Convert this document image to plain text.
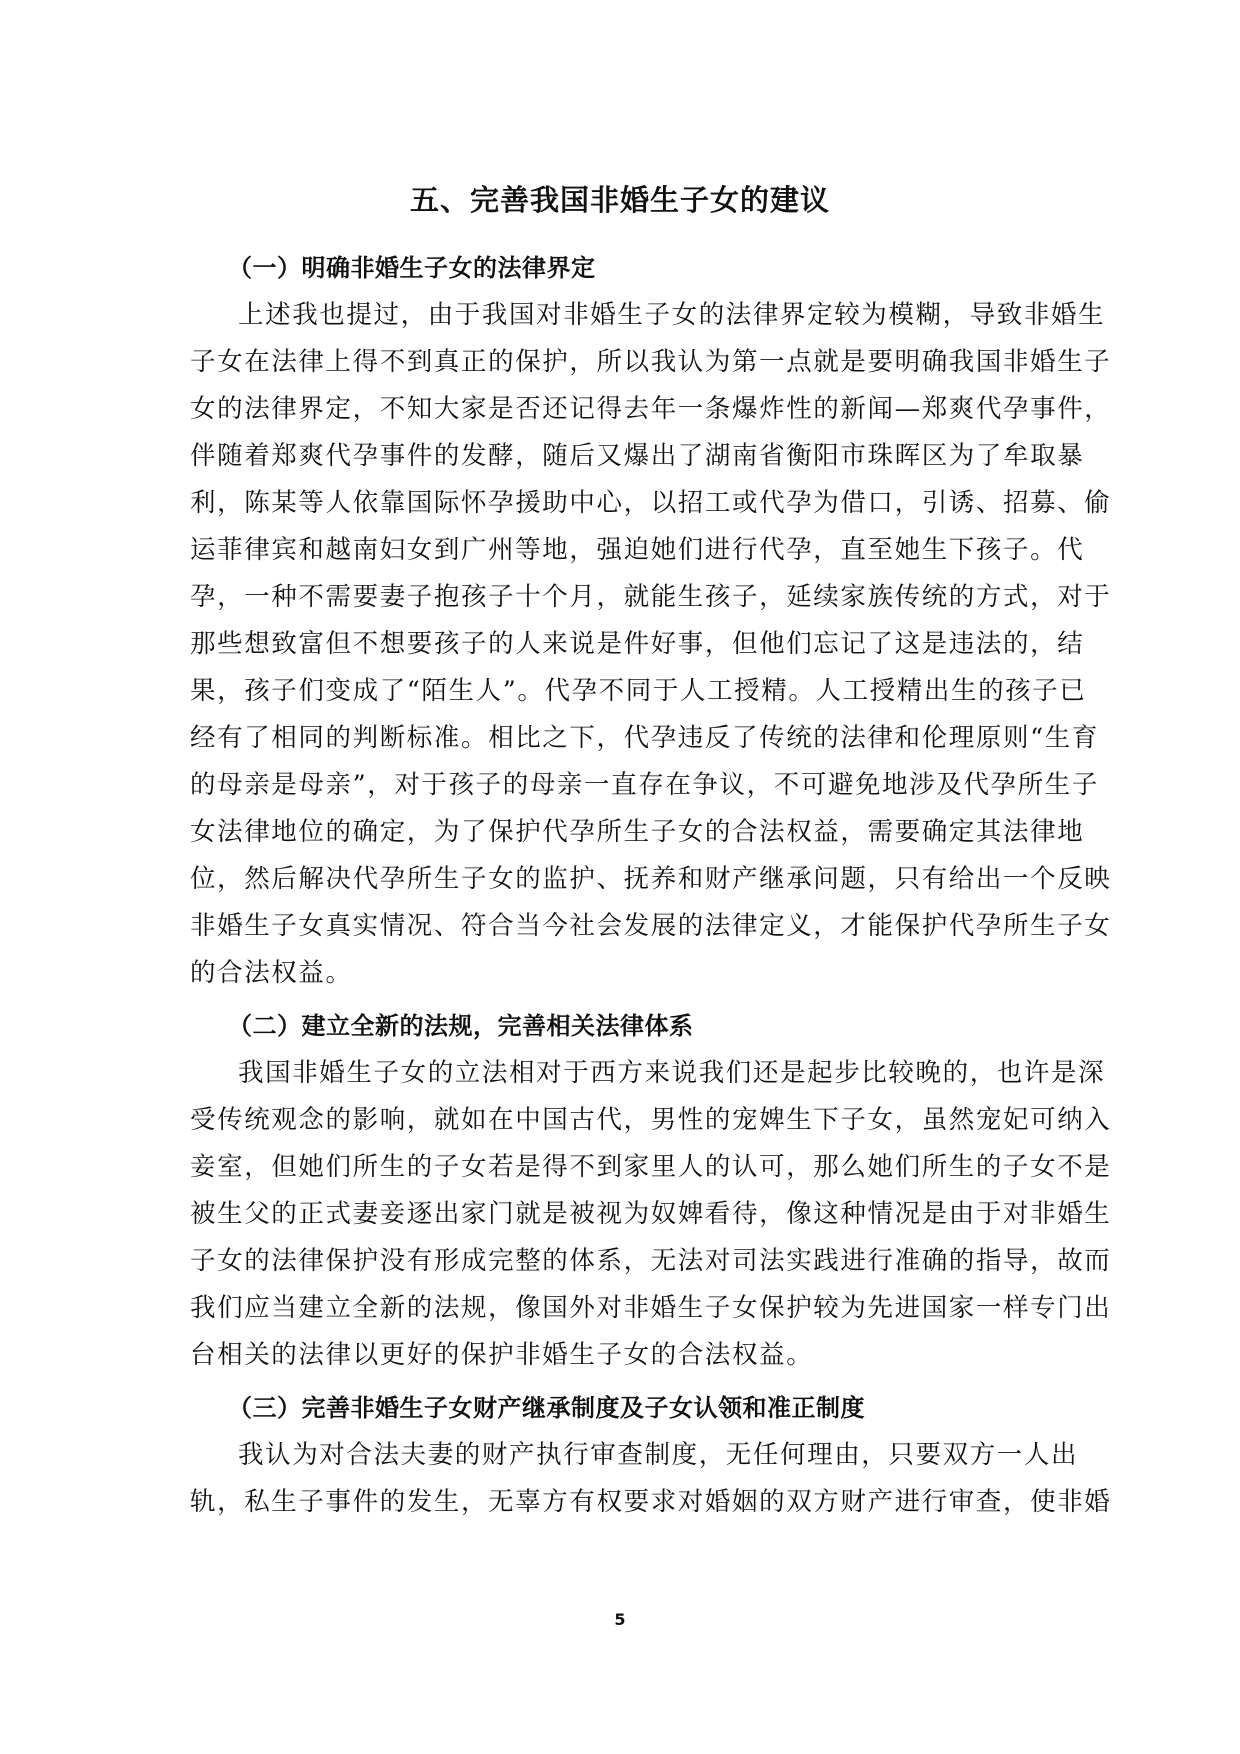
五、完善我国非婚生子女的建议
（一）明确非婚生子女的法律界定
上述我也提过，由于我国对非婚生子女的法律界定较为模糊，导致非婚生
子女在法律上得不到真正的保护，所以我认为第一点就是要明确我国非婚生子
女的法律界定，不知大家是否还记得去年一条爆炸性的新闻—郑爽代孕事件，
伴随着郑爽代孕事件的发酵，随后又爆出了湖南省衡阳市珠晖区为了牟取暴
利，陈某等人依靠国际怀孕援助中心，以招工或代孕为借口，引诱、招募、偷
运菲律宾和越南妇女到广州等地，强迫她们进行代孕，直至她生下孩子。代
孕，一种不需要妻子抱孩子十个月，就能生孩子，延续家族传统的方式，对于
那些想致富但不想要孩子的人来说是件好事，但他们忘记了这是违法的，结
果，孩子们变成了“陌生人”。代孕不同于人工授精。人工授精出生的孩子已
经有了相同的判断标准。相比之下，代孕违反了传统的法律和伦理原则“生育
的母亲是母亲”，对于孩子的母亲一直存在争议，不可避免地涉及代孕所生子
女法律地位的确定，为了保护代孕所生子女的合法权益，需要确定其法律地
位，然后解决代孕所生子女的监护、抚养和财产继承问题，只有给出一个反映
非婚生子女真实情况、符合当今社会发展的法律定义，才能保护代孕所生子女
的合法权益。
（二）建立全新的法规，完善相关法律体系
我国非婚生子女的立法相对于西方来说我们还是起步比较晚的，也许是深
受传统观念的影响，就如在中国古代，男性的宠婢生下子女，虽然宠妃可纳入
妾室，但她们所生的子女若是得不到家里人的认可，那么她们所生的子女不是
被生父的正式妻妾逐出家门就是被视为奴婢看待，像这种情况是由于对非婚生
子女的法律保护没有形成完整的体系，无法对司法实践进行准确的指导，故而
我们应当建立全新的法规，像国外对非婚生子女保护较为先进国家一样专门出
台相关的法律以更好的保护非婚生子女的合法权益。
（三）完善非婚生子女财产继承制度及子女认领和准正制度
我认为对合法夫妻的财产执行审查制度，无任何理由，只要双方一人出
轨，私生子事件的发生，无辜方有权要求对婚姻的双方财产进行审查，使非婚
5
